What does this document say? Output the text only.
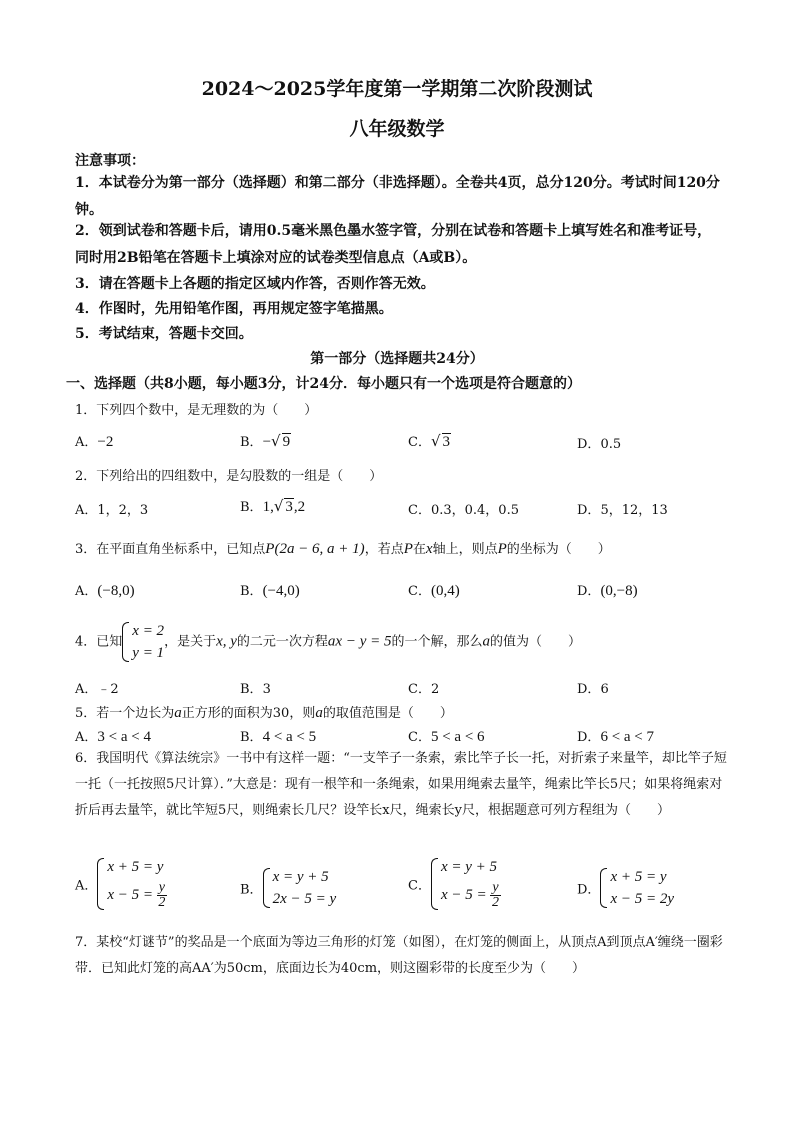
2024～2025学年度第一学期第二次阶段测试
八年级数学
注意事项：
1．本试卷分为第一部分（选择题）和第二部分（非选择题）。全卷共4页，总分120分。考试时间120分钟。
2．领到试卷和答题卡后，请用0.5毫米黑色墨水签字管，分别在试卷和答题卡上填写姓名和准考证号，同时用2B铅笔在答题卡上填涂对应的试卷类型信息点（A或B）。
3．请在答题卡上各题的指定区域内作答，否则作答无效。
4．作图时，先用铅笔作图，再用规定签字笔描黑。
5．考试结束，答题卡交回。
第一部分（选择题共24分）
一、选择题（共8小题，每小题3分，计24分．每小题只有一个选项是符合题意的）
1．下列四个数中，是无理数的为（　　）
A．−2	B．−√ 9	C．√ 3	D．0.5
2．下列给出的四组数中，是勾股数的一组是（　　）
A．1，2，3	B．1,√ 3,2	C．0.3，0.4，0.5	D．5，12，13
3．在平面直角坐标系中，已知点P(2a − 6, a + 1)，若点P在x轴上，则点P的坐标为（　　）
A．(−8,0)	B．(−4,0)	C．(0,4)	D．(0,−8)
4．已知
x = 2
y = 1
，是关于x, y的二元一次方程ax − y = 5的一个解，那么a的值为（　　）
A．﹣2	B．3	C．2	D．6
5．若一个边长为a正方形的面积为30，则a的取值范围是（　　）
A．3 < a < 4	B．4 < a < 5	C．5 < a < 6	D．6 < a < 7
6．我国明代《算法统宗》一书中有这样一题：“一支竿子一条索，索比竿子长一托，对折索子来量竿，却比竿子短一托（一托按照5尺计算）．”大意是：现有一根竿和一条绳索，如果用绳索去量竿，绳索比竿长5尺；如果将绳索对折后再去量竿，就比竿短5尺，则绳索长几尺？设竿长x尺，绳索长y尺，根据题意可列方程组为（　　）
A．
x + 5 = y
$x - 5 = \frac{y}{2}$	B．
x = y + 5
2x − 5 = y
C．
x = y + 5
$x - 5 = \frac{y}{2}$	D．
x + 5 = y
x − 5 = 2y
7．某校“灯谜节”的奖品是一个底面为等边三角形的灯笼（如图），在灯笼的侧面上，从顶点A到顶点A′缠绕一圈彩带．已知此灯笼的高AA′为50cm，底面边长为40cm，则这圈彩带的长度至少为（　　）
